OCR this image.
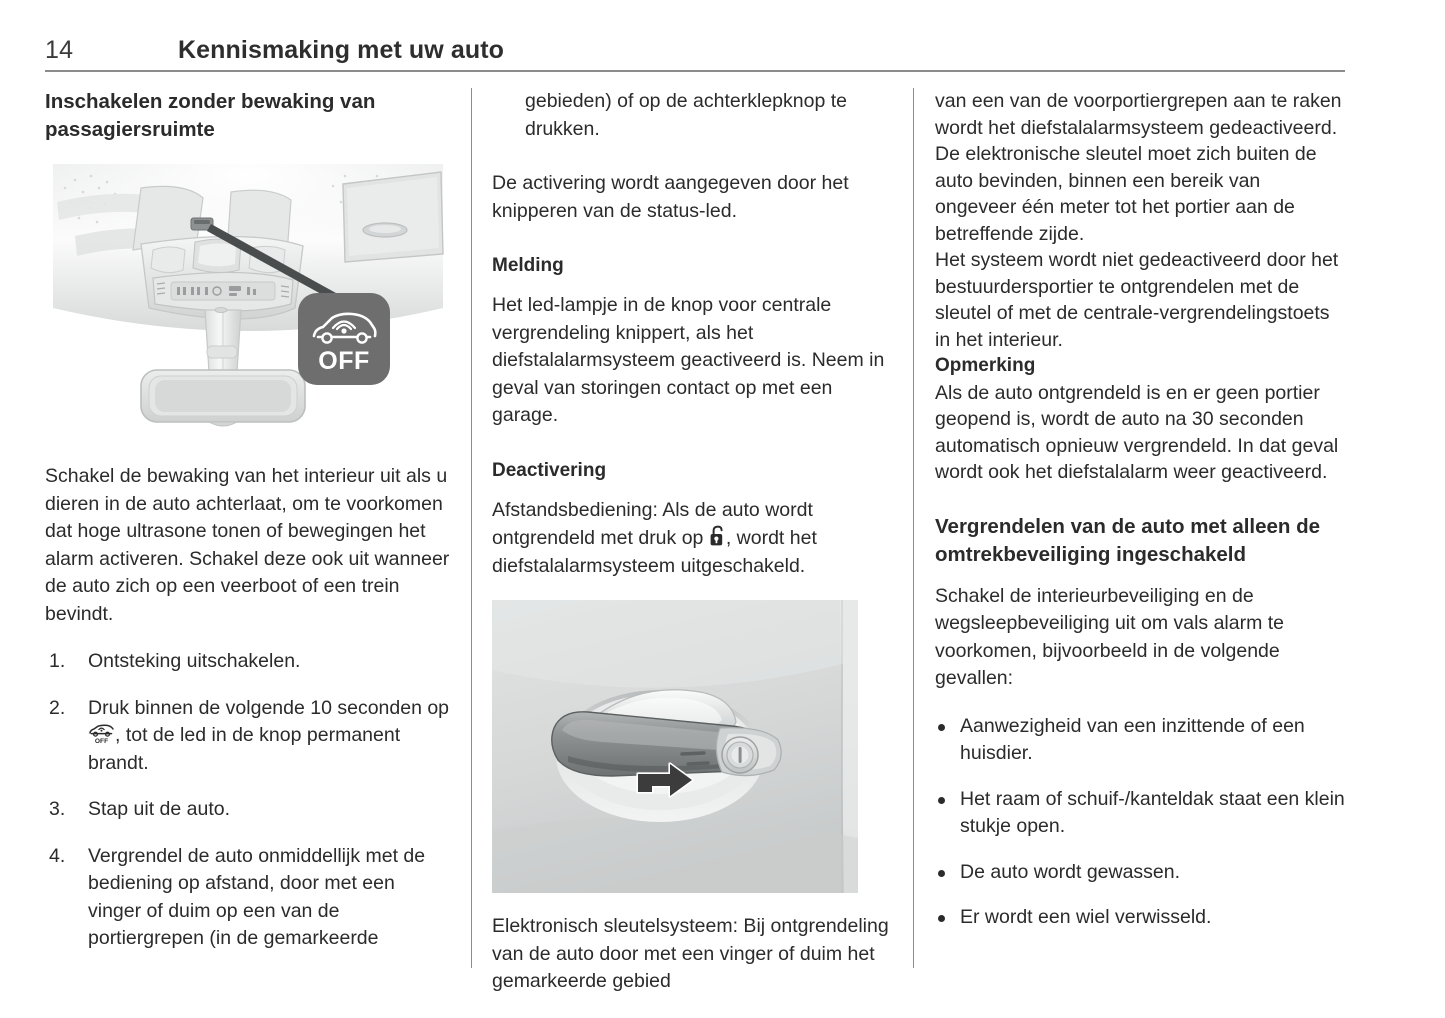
14	Kennismaking met uw auto
Inschakelen zonder bewaking van passagiersruimte
OFF

Schakel de bewaking van het interieur uit als u dieren in de auto achterlaat, om te voorkomen dat hoge ultrasone tonen of bewegingen het alarm activeren. Schakel deze ook uit wanneer de auto zich op een veerboot of een trein bevindt.

1. Ontsteking uitschakelen.
2. Druk binnen de volgende 10 seconden op
OFF , tot de led in de knop permanent brandt.
3. Stap uit de auto.
4. Vergrendel de auto onmiddellijk met de bediening op afstand, door met een vinger of duim op een van de portiergrepen (in de gemarkeerde

gebieden) of op de achterklepknop te drukken.

De activering wordt aangegeven door het knipperen van de status-led.

Melding

Het led-lampje in de knop voor centrale vergrendeling knippert, als het diefstalalarmsysteem geactiveerd is. Neem in geval van storingen contact op met een garage.

Deactivering

Afstandsbediening: Als de auto wordt ontgrendeld met druk op , wordt het diefstalalarmsysteem uitgeschakeld.

Elektronisch sleutelsysteem: Bij ontgrendeling van de auto door met een vinger of duim het gemarkeerde gebied

van een van de voorportiergrepen aan te raken wordt het diefstalalarmsysteem gedeactiveerd.

De elektronische sleutel moet zich buiten de auto bevinden, binnen een bereik van ongeveer één meter tot het portier aan de betreffende zijde.

Het systeem wordt niet gedeactiveerd door het bestuurdersportier te ontgrendelen met de sleutel of met de centrale-vergrendelingstoets in het interieur.

Opmerking

Als de auto ontgrendeld is en er geen portier geopend is, wordt de auto na 30 seconden automatisch opnieuw vergrendeld. In dat geval wordt ook het diefstalalarm weer geactiveerd.

Vergrendelen van de auto met alleen de omtrekbeveiliging ingeschakeld

Schakel de interieurbeveiliging en de wegsleepbeveiliging uit om vals alarm te voorkomen, bijvoorbeeld in de volgende gevallen:

Aanwezigheid van een inzittende of een huisdier.
Het raam of schuif-/kanteldak staat een klein stukje open.
De auto wordt gewassen.
Er wordt een wiel verwisseld.
